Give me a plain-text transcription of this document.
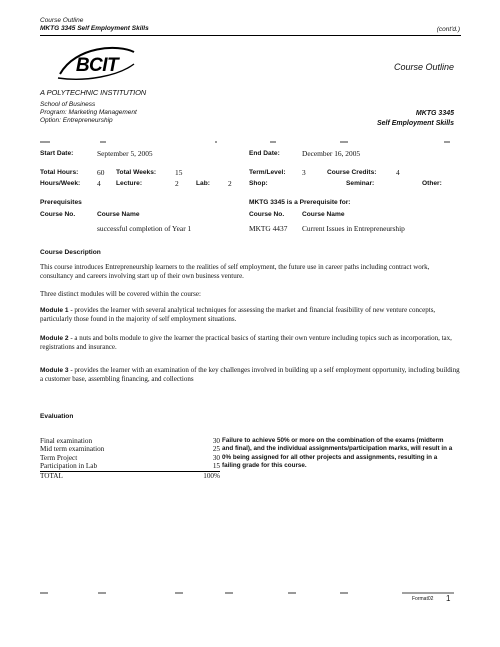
Course Outline
MKTG 3345 Self Employment Skills	(cont'd.)
BCIT	Course Outline
A POLYTECHNIC INSTITUTION
School of Business
Program: Marketing Management
Option: Entrepreneurship
MKTG 3345
Self Employment Skills
Start Date:	September 5, 2005	End Date:	December 16, 2005
Total Hours:	60 Total Weeks:	15	Term/Level: 3	Course Credits:	4
Hours/Week: 4 Lecture:	2	Lab: 2	Shop:	Seminar:	Other:
Prerequisites
Course No.	Course Name
successful completion of Year 1
MKTG 3345 is a Prerequisite for:
Course No.	Course Name
MKTG 4437 Current Issues in Entrepreneurship
Course Description
This course introduces Entrepreneurship learners to the realities of self employment, the future use in career paths including contract work, consultancy and careers involving start up of their own business venture.
Three distinct modules will be covered within the course:
Module 1 - provides the learner with several analytical techniques for assessing the market and financial feasibility of new venture concepts, particularly those found in the majority of self employment situations.
Module 2 - a nuts and bolts module to give the learner the practical basics of starting their own venture including topics such as incorporation, tax, registrations and insurance.
Module 3 - provides the learner with an examination of the key challenges involved in building up a self employment opportunity, including building a customer base, assembling financing, and collections
Evaluation
Final examination	30
Mid term examination	25
Term Project	30
Participation in Lab	15
TOTAL	100%
Failure to achieve 50% or more on the combination of the exams (midterm and final), and the individual assignments/participation marks, will result in a 0% being assigned for all other projects and assignments, resulting in a failing grade for this course.
Format02 1
